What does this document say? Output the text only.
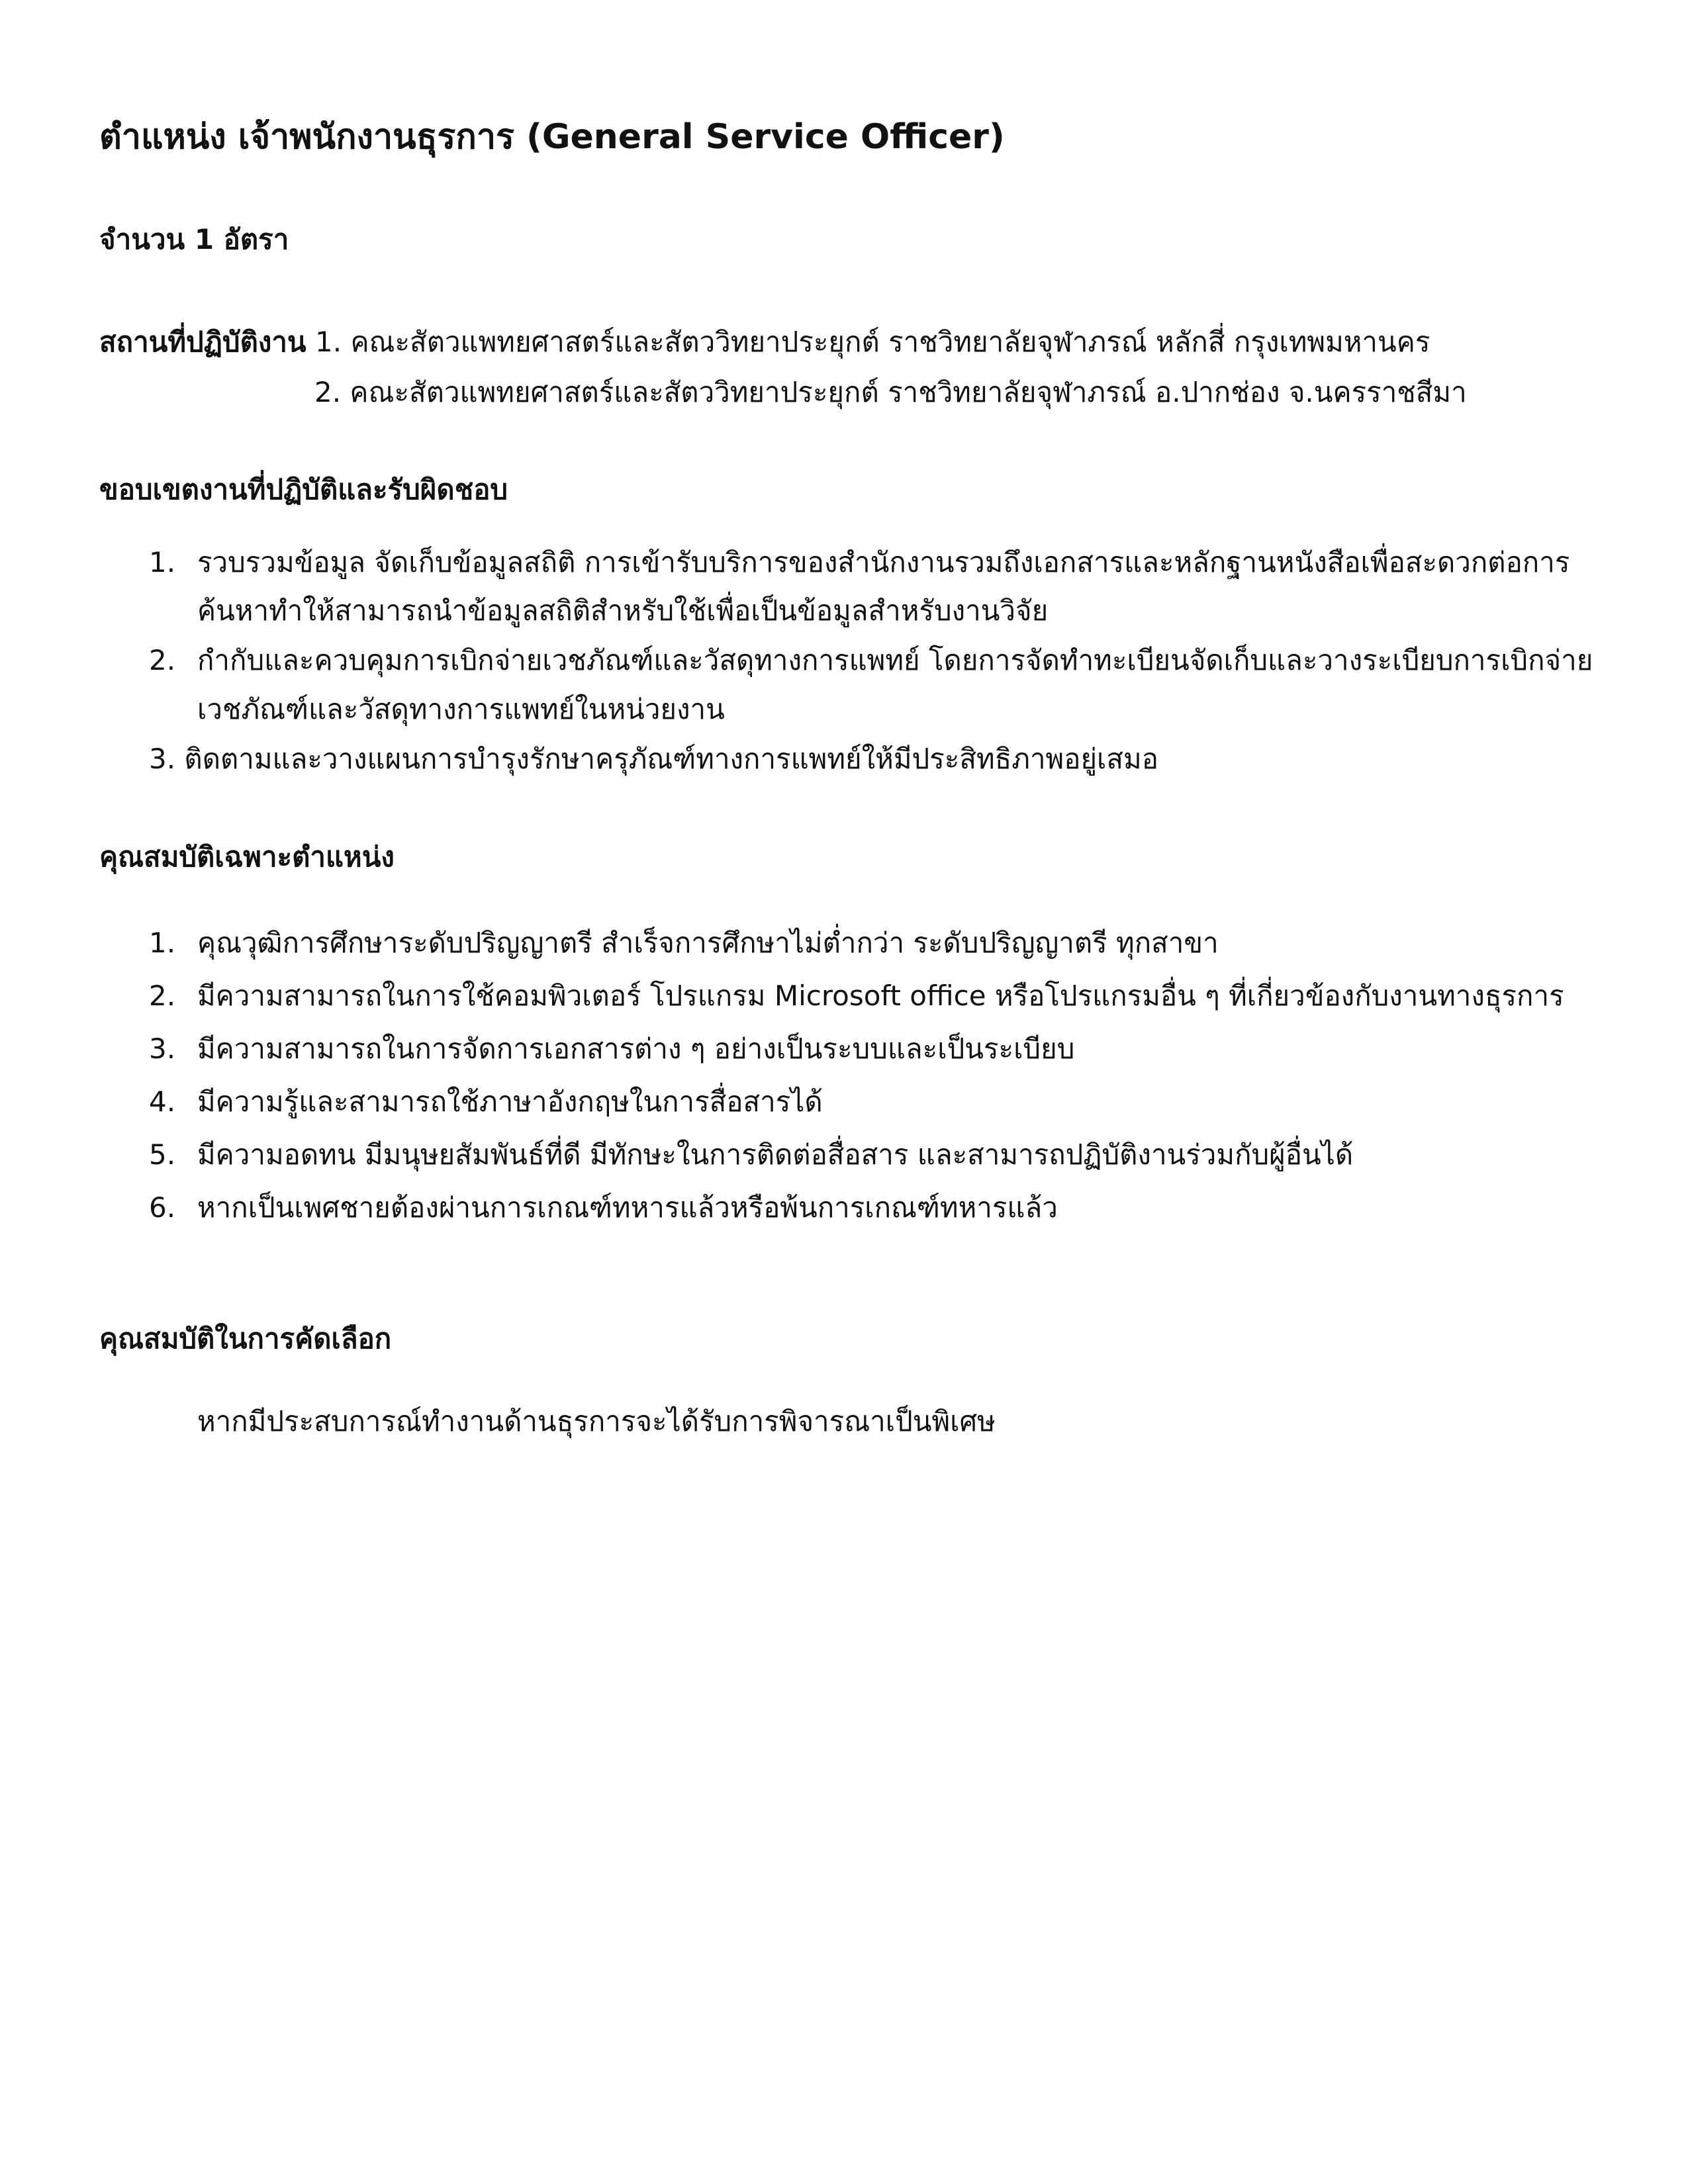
ตำแหน่ง เจ้าพนักงานธุรการ (General Service Officer)
จำนวน 1 อัตรา
สถานที่ปฏิบัติงาน 1. คณะสัตวแพทยศาสตร์และสัตววิทยาประยุกต์ ราชวิทยาลัยจุฬาภรณ์ หลักสี่ กรุงเทพมหานคร
2. คณะสัตวแพทยศาสตร์และสัตววิทยาประยุกต์ ราชวิทยาลัยจุฬาภรณ์ อ.ปากช่อง จ.นครราชสีมา
ขอบเขตงานที่ปฏิบัติและรับผิดชอบ
1. รวบรวมข้อมูล จัดเก็บข้อมูลสถิติ การเข้ารับบริการของสำนักงานรวมถึงเอกสารและหลักฐานหนังสือเพื่อสะดวกต่อการ
ค้นหาทำให้สามารถนำข้อมูลสถิติสำหรับใช้เพื่อเป็นข้อมูลสำหรับงานวิจัย
2. กำกับและควบคุมการเบิกจ่ายเวชภัณฑ์และวัสดุทางการแพทย์ โดยการจัดทำทะเบียนจัดเก็บและวางระเบียบการเบิกจ่าย
เวชภัณฑ์และวัสดุทางการแพทย์ในหน่วยงาน
3. ติดตามและวางแผนการบำรุงรักษาครุภัณฑ์ทางการแพทย์ให้มีประสิทธิภาพอยู่เสมอ
คุณสมบัติเฉพาะตำแหน่ง
1. คุณวุฒิการศึกษาระดับปริญญาตรี สำเร็จการศึกษาไม่ต่ำกว่า ระดับปริญญาตรี ทุกสาขา
2. มีความสามารถในการใช้คอมพิวเตอร์ โปรแกรม Microsoft office หรือโปรแกรมอื่น ๆ ที่เกี่ยวข้องกับงานทางธุรการ
3. มีความสามารถในการจัดการเอกสารต่าง ๆ อย่างเป็นระบบและเป็นระเบียบ
4. มีความรู้และสามารถใช้ภาษาอังกฤษในการสื่อสารได้
5. มีความอดทน มีมนุษยสัมพันธ์ที่ดี มีทักษะในการติดต่อสื่อสาร และสามารถปฏิบัติงานร่วมกับผู้อื่นได้
6. หากเป็นเพศชายต้องผ่านการเกณฑ์ทหารแล้วหรือพ้นการเกณฑ์ทหารแล้ว
คุณสมบัติในการคัดเลือก
หากมีประสบการณ์ทำงานด้านธุรการจะได้รับการพิจารณาเป็นพิเศษ
